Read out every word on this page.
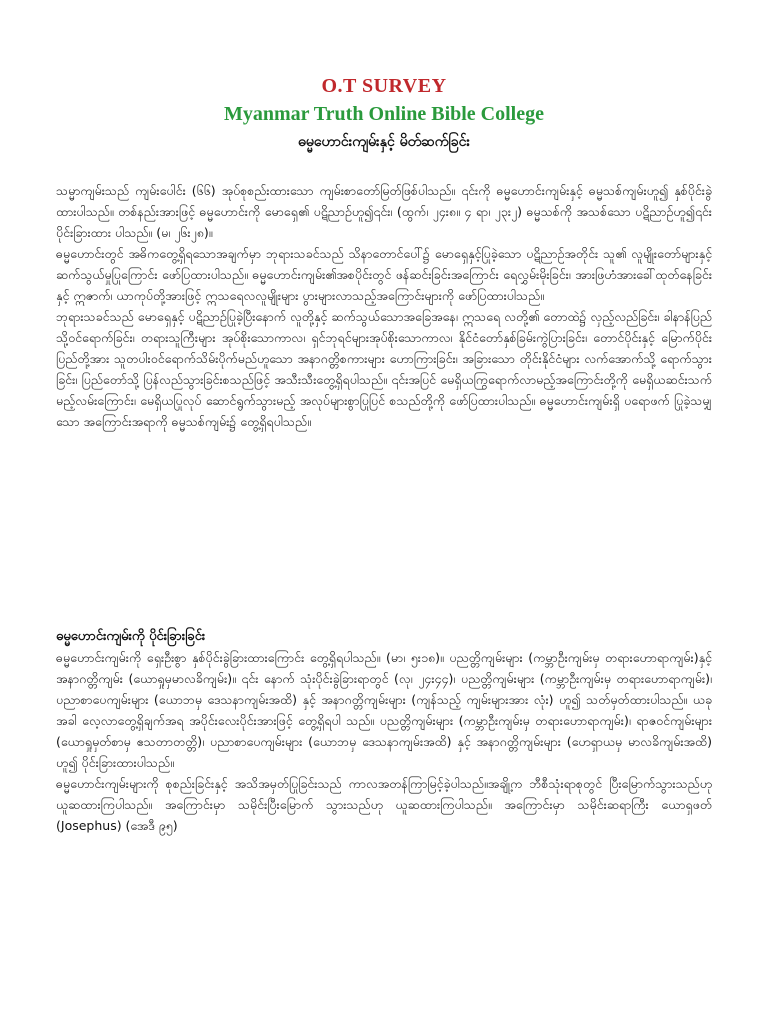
O.T SURVEY
Myanmar Truth Online Bible College
ဓမ္မဟောင်းကျမ်းနှင့် မိတ်ဆက်ခြင်း

သမ္မာကျမ်းသည် ကျမ်းပေါင်း (၆၆) အုပ်စုစည်းထားသော ကျမ်းစာတော်မြတ်ဖြစ်ပါသည်။ ၎င်းကို ဓမ္မဟောင်းကျမ်းနှင့် ဓမ္မသစ်ကျမ်းဟူ၍ နှစ်ပိုင်းခွဲထားပါသည်။ တစ်နည်းအားဖြင့် ဓမ္မဟောင်းကို မောရှေ၏ ပဋိညာဉ်ဟူ၍၎င်း၊ (ထွက်၊ ၂၄း၈။ ၄ ရာ၊ ၂၃း၂) ဓမ္မသစ်ကို အသစ်သော ပဋိညာဉ်ဟူ၍၎င်း ပိုင်းခြားထား ပါသည်။ (မ၊ ၂၆း၂၈)။

ဓမ္မဟောင်းတွင် အဓိကတွေ့ရှိရသောအချက်မှာ ဘုရားသခင်သည် သိနာတောင်ပေါ်၌ မောရှေနှင့်ပြုခဲ့သော ပဋိညာဉ်အတိုင်း သူ၏ လူမျိုးတော်များနှင့် ဆက်သွယ်မှုပြုကြောင်း ဖော်ပြထားပါသည်။ ဓမ္မဟောင်းကျမ်း၏အစပိုင်းတွင် ဖန်ဆင်းခြင်းအကြောင်း ရေလွှမ်းမိုးခြင်း၊ အားဖြဟံအားခေါ်ထုတ်နေခြင်းနှင့် ဣဇာက်၊ ယာကုပ်တို့အားဖြင့် ဣသရေလလူမျိုးများ ပွားများလာသည့်အကြောင်းများကို ဖော်ပြထားပါသည်။

ဘုရားသခင်သည် မောရှေနှင့် ပဋိညာဉ်ပြုခဲ့ပြီးနောက် လူတို့နှင့် ဆက်သွယ်သောအခြေအနေ၊ ဣသရေ လတို့၏ တောထဲ၌ လှည့်လည်ခြင်း၊ ခါနာန်ပြည်သို့ဝင်ရောက်ခြင်း၊ တရားသူကြီးများ အုပ်စိုးသောကာလ၊ ရှင်ဘုရင်များအုပ်စိုးသောကာလ၊ နိုင်ငံတော်နှစ်ခြမ်းကွဲပြားခြင်း၊ တောင်ပိုင်းနှင့် မြောက်ပိုင်းပြည်တို့အား သူတပါးဝင်ရောက်သိမ်းပိုက်မည်ဟူသော အနာဂတ္တိစကားများ ဟောကြားခြင်း၊ အခြားသော တိုင်းနိုင်ငံများ လက်အောက်သို့ ရောက်သွားခြင်း၊ ပြည်တော်သို့ ပြန်လည်သွားခြင်းစသည်ဖြင့် အသီးသီးတွေ့ရှိရပါသည်။ ၎င်းအပြင် မေရှိယကြွရောက်လာမည့်အကြောင်းတို့ကို မေရှိယဆင်းသက်မည့်လမ်းကြောင်း၊ မေရှိယပြုလုပ် ဆောင်ရွက်သွားမည့် အလုပ်များစွာပြုပြင် စသည်တို့ကို ဖော်ပြထားပါသည်။ ဓမ္မဟောင်းကျမ်းရှိ ပရောဖက် ပြုခဲ့သမျှသော အကြောင်းအရာကို ဓမ္မသစ်ကျမ်း၌ တွေ့ရှိရပါသည်။

ဓမ္မဟောင်းကျမ်းကို ပိုင်းခြားခြင်း

ဓမ္မဟောင်းကျမ်းကို ရှေးဦးစွာ နှစ်ပိုင်းခွဲခြားထားကြောင်း တွေ့ရှိရပါသည်။ (မာ၊ ၅း၁၈)။ ပညတ္တိကျမ်းများ (ကမ္ဘာဦးကျမ်းမှ တရားဟောရာကျမ်း)နှင့် အနာဂတ္တိကျမ်း (ယောရှုမှမာလခိကျမ်း)။ ၎င်း နောက် သုံးပိုင်းခွဲခြားရာတွင် (လု၊ ၂၄း၄၄)၊ ပညတ္တိကျမ်းများ (ကမ္ဘာဦးကျမ်းမှ တရားဟောရာကျမ်း)၊ ပညာစာပေကျမ်းများ (ယောဘမှ ဒေသနာကျမ်းအထိ) နှင့် အနာဂတ္တိကျမ်းများ (ကျန်သည့် ကျမ်းများအား လုံး) ဟူ၍ သတ်မှတ်ထားပါသည်။ ယခုအခါ လေ့လာတွေ့ရှိချက်အရ အပိုင်းလေးပိုင်းအားဖြင့် တွေ့ရှိရပါ သည်။ ပညတ္တိကျမ်းများ (ကမ္ဘာဦးကျမ်းမှ တရားဟောရာကျမ်း)၊ ရာဇဝင်ကျမ်းများ (ယောရှုမှတ်စာမှ ဧသတာတတ္တိ)၊ ပညာစာပေကျမ်းများ (ယောဘမှ ဒေသနာကျမ်းအထိ) နှင့် အနာဂတ္တိကျမ်းများ (ဟေရှာယမှ မာလခိကျမ်းအထိ) ဟူ၍ ပိုင်းခြားထားပါသည်။

ဓမ္မဟောင်းကျမ်းများကို စုစည်းခြင်းနှင့် အသိအမှတ်ပြုခြင်းသည် ကာလအတန်ကြာမြင့်ခဲ့ပါသည်။အချို့က ဘီစီသုံးရာစုတွင် ပြီးမြောက်သွားသည်ဟု ယူဆထားကြပါသည်။ အကြောင်းမှာ သမိုင်းပြီးမြောက် သွားသည်ဟု ယူဆထားကြပါသည်။ အကြောင်းမှာ သမိုင်းဆရာကြီး ယောရှဖတ် (Josephus) (အေဒီ ၉၅)
